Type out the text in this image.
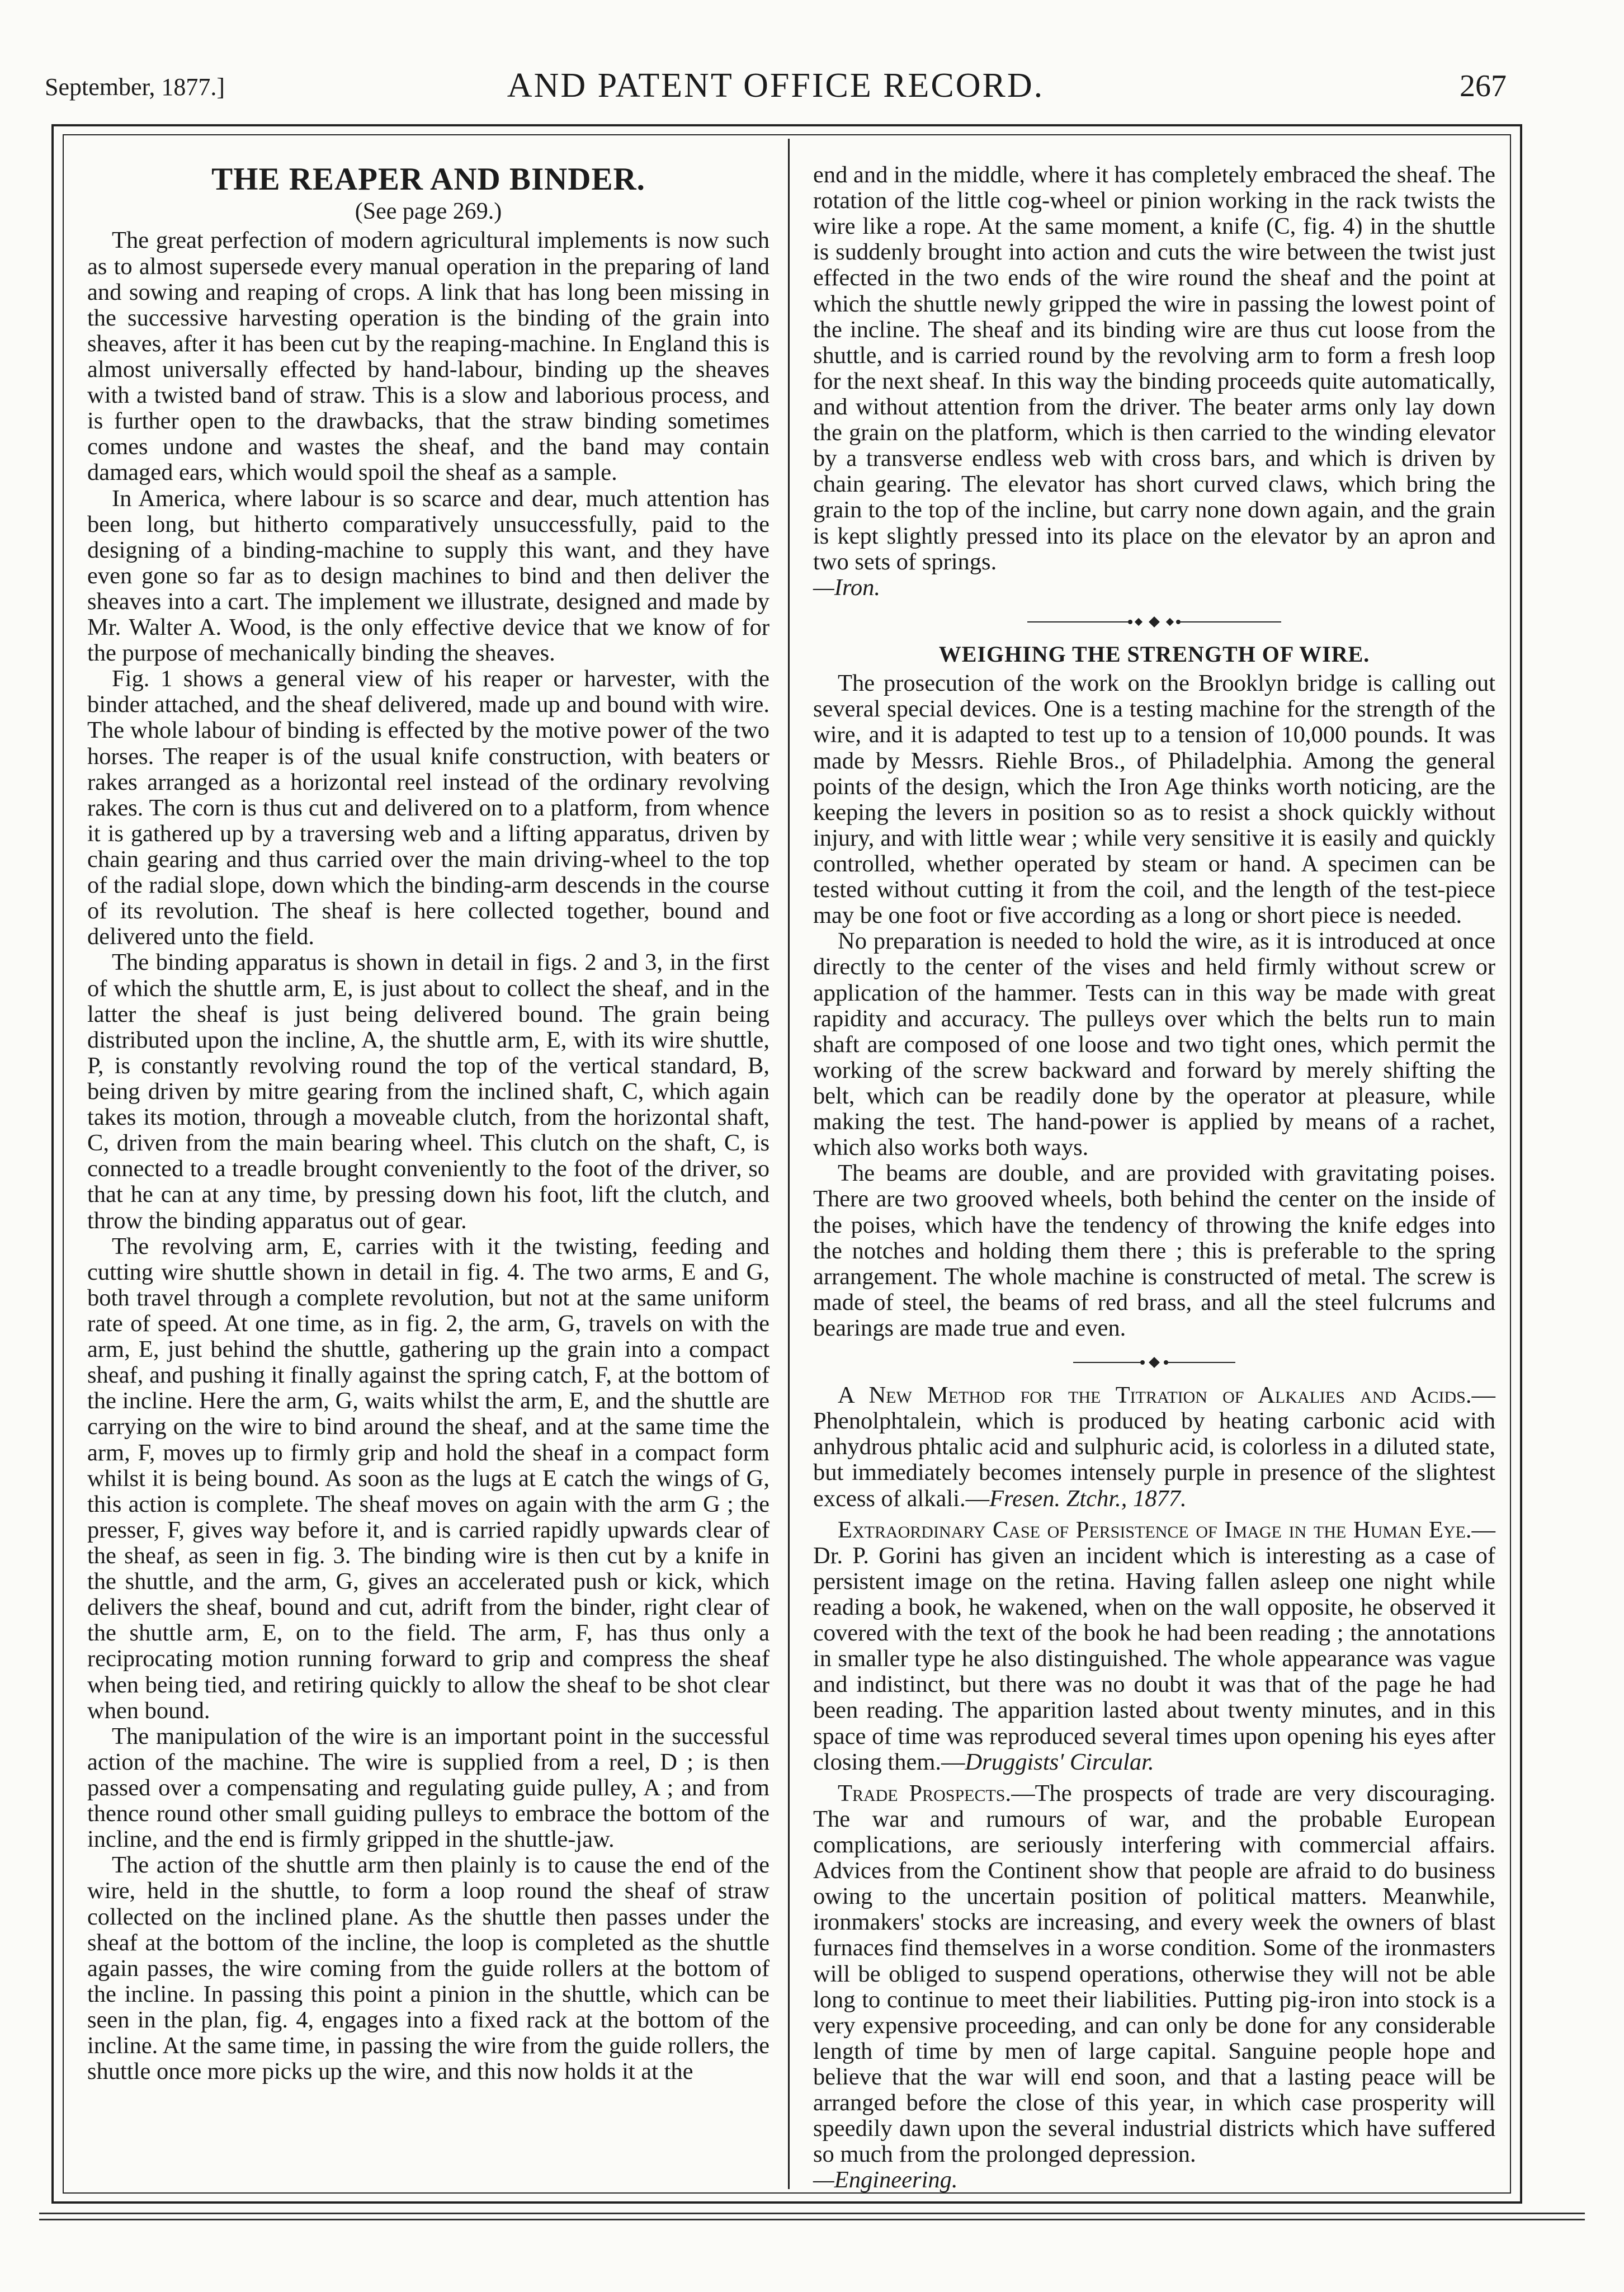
September, 1877.]	AND PATENT OFFICE RECORD.	267
THE REAPER AND BINDER.
(See page 269.)

The great perfection of modern agricultural implements is now such as to almost supersede every manual operation in the preparing of land and sowing and reaping of crops. A link that has long been missing in the successive harvesting operation is the binding of the grain into sheaves, after it has been cut by the reaping-machine. In England this is almost universally effected by hand-labour, binding up the sheaves with a twisted band of straw. This is a slow and laborious process, and is further open to the drawbacks, that the straw binding sometimes comes undone and wastes the sheaf, and the band may contain damaged ears, which would spoil the sheaf as a sample.

In America, where labour is so scarce and dear, much attention has been long, but hitherto comparatively unsuccessfully, paid to the designing of a binding-machine to supply this want, and they have even gone so far as to design machines to bind and then deliver the sheaves into a cart. The implement we illustrate, designed and made by Mr. Walter A. Wood, is the only effective device that we know of for the purpose of mechanically binding the sheaves.

Fig. 1 shows a general view of his reaper or harvester, with the binder attached, and the sheaf delivered, made up and bound with wire. The whole labour of binding is effected by the motive power of the two horses. The reaper is of the usual knife construction, with beaters or rakes arranged as a horizontal reel instead of the ordinary revolving rakes. The corn is thus cut and delivered on to a platform, from whence it is gathered up by a traversing web and a lifting apparatus, driven by chain gearing and thus carried over the main driving-wheel to the top of the radial slope, down which the binding-arm descends in the course of its revolution. The sheaf is here collected together, bound and delivered unto the field.

The binding apparatus is shown in detail in figs. 2 and 3, in the first of which the shuttle arm, E, is just about to collect the sheaf, and in the latter the sheaf is just being delivered bound. The grain being distributed upon the incline, A, the shuttle arm, E, with its wire shuttle, P, is constantly revolving round the top of the vertical standard, B, being driven by mitre gearing from the inclined shaft, C, which again takes its motion, through a moveable clutch, from the horizontal shaft, C, driven from the main bearing wheel. This clutch on the shaft, C, is connected to a treadle brought conveniently to the foot of the driver, so that he can at any time, by pressing down his foot, lift the clutch, and throw the binding apparatus out of gear.

The revolving arm, E, carries with it the twisting, feeding and cutting wire shuttle shown in detail in fig. 4. The two arms, E and G, both travel through a complete revolution, but not at the same uniform rate of speed. At one time, as in fig. 2, the arm, G, travels on with the arm, E, just behind the shuttle, gathering up the grain into a compact sheaf, and pushing it finally against the spring catch, F, at the bottom of the incline. Here the arm, G, waits whilst the arm, E, and the shuttle are carrying on the wire to bind around the sheaf, and at the same time the arm, F, moves up to firmly grip and hold the sheaf in a compact form whilst it is being bound. As soon as the lugs at E catch the wings of G, this action is complete. The sheaf moves on again with the arm G ; the presser, F, gives way before it, and is carried rapidly upwards clear of the sheaf, as seen in fig. 3. The binding wire is then cut by a knife in the shuttle, and the arm, G, gives an accelerated push or kick, which delivers the sheaf, bound and cut, adrift from the binder, right clear of the shuttle arm, E, on to the field. The arm, F, has thus only a reciprocating motion running forward to grip and compress the sheaf when being tied, and retiring quickly to allow the sheaf to be shot clear when bound.

The manipulation of the wire is an important point in the successful action of the machine. The wire is supplied from a reel, D ; is then passed over a compensating and regulating guide pulley, A ; and from thence round other small guiding pulleys to embrace the bottom of the incline, and the end is firmly gripped in the shuttle-jaw.

The action of the shuttle arm then plainly is to cause the end of the wire, held in the shuttle, to form a loop round the sheaf of straw collected on the inclined plane. As the shuttle then passes under the sheaf at the bottom of the incline, the loop is completed as the shuttle again passes, the wire coming from the guide rollers at the bottom of the incline. In passing this point a pinion in the shuttle, which can be seen in the plan, fig. 4, engages into a fixed rack at the bottom of the incline. At the same time, in passing the wire from the guide rollers, the shuttle once more picks up the wire, and this now holds it at the

end and in the middle, where it has completely embraced the sheaf. The rotation of the little cog-wheel or pinion working in the rack twists the wire like a rope. At the same moment, a knife (C, fig. 4) in the shuttle is suddenly brought into action and cuts the wire between the twist just effected in the two ends of the wire round the sheaf and the point at which the shuttle newly gripped the wire in passing the lowest point of the incline. The sheaf and its binding wire are thus cut loose from the shuttle, and is carried round by the revolving arm to form a fresh loop for the next sheaf. In this way the binding proceeds quite automatically, and without attention from the driver. The beater arms only lay down the grain on the platform, which is then carried to the winding elevator by a transverse endless web with cross bars, and which is driven by chain gearing. The elevator has short curved claws, which bring the grain to the top of the incline, but carry none down again, and the grain is kept slightly pressed into its place on the elevator by an apron and two sets of springs.
—Iron.

WEIGHING THE STRENGTH OF WIRE.

The prosecution of the work on the Brooklyn bridge is calling out several special devices. One is a testing machine for the strength of the wire, and it is adapted to test up to a tension of 10,000 pounds. It was made by Messrs. Riehle Bros., of Philadelphia. Among the general points of the design, which the Iron Age thinks worth noticing, are the keeping the levers in position so as to resist a shock quickly without injury, and with little wear ; while very sensitive it is easily and quickly controlled, whether operated by steam or hand. A specimen can be tested without cutting it from the coil, and the length of the test-piece may be one foot or five according as a long or short piece is needed.

No preparation is needed to hold the wire, as it is introduced at once directly to the center of the vises and held firmly without screw or application of the hammer. Tests can in this way be made with great rapidity and accuracy. The pulleys over which the belts run to main shaft are composed of one loose and two tight ones, which permit the working of the screw backward and forward by merely shifting the belt, which can be readily done by the operator at pleasure, while making the test. The hand-power is applied by means of a rachet, which also works both ways.

The beams are double, and are provided with gravitating poises. There are two grooved wheels, both behind the center on the inside of the poises, which have the tendency of throwing the knife edges into the notches and holding them there ; this is preferable to the spring arrangement. The whole machine is constructed of metal. The screw is made of steel, the beams of red brass, and all the steel fulcrums and bearings are made true and even.

A New Method for the Titration of Alkalies and Acids.—Phenolphtalein, which is produced by heating carbonic acid with anhydrous phtalic acid and sulphuric acid, is colorless in a diluted state, but immediately becomes intensely purple in presence of the slightest excess of alkali.—Fresen. Ztchr., 1877.

Extraordinary Case of Persistence of Image in the Human Eye.—Dr. P. Gorini has given an incident which is interesting as a case of persistent image on the retina. Having fallen asleep one night while reading a book, he wakened, when on the wall opposite, he observed it covered with the text of the book he had been reading ; the annotations in smaller type he also distinguished. The whole appearance was vague and indistinct, but there was no doubt it was that of the page he had been reading. The apparition lasted about twenty minutes, and in this space of time was reproduced several times upon opening his eyes after closing them.—Druggists' Circular.

Trade Prospects.—The prospects of trade are very discouraging. The war and rumours of war, and the probable European complications, are seriously interfering with commercial affairs. Advices from the Continent show that people are afraid to do business owing to the uncertain position of political matters. Meanwhile, ironmakers' stocks are increasing, and every week the owners of blast furnaces find themselves in a worse condition. Some of the ironmasters will be obliged to suspend operations, otherwise they will not be able long to continue to meet their liabilities. Putting pig-iron into stock is a very expensive proceeding, and can only be done for any considerable length of time by men of large capital. Sanguine people hope and believe that the war will end soon, and that a lasting peace will be arranged before the close of this year, in which case prosperity will speedily dawn upon the several industrial districts which have suffered so much from the prolonged depression.
—Engineering.
